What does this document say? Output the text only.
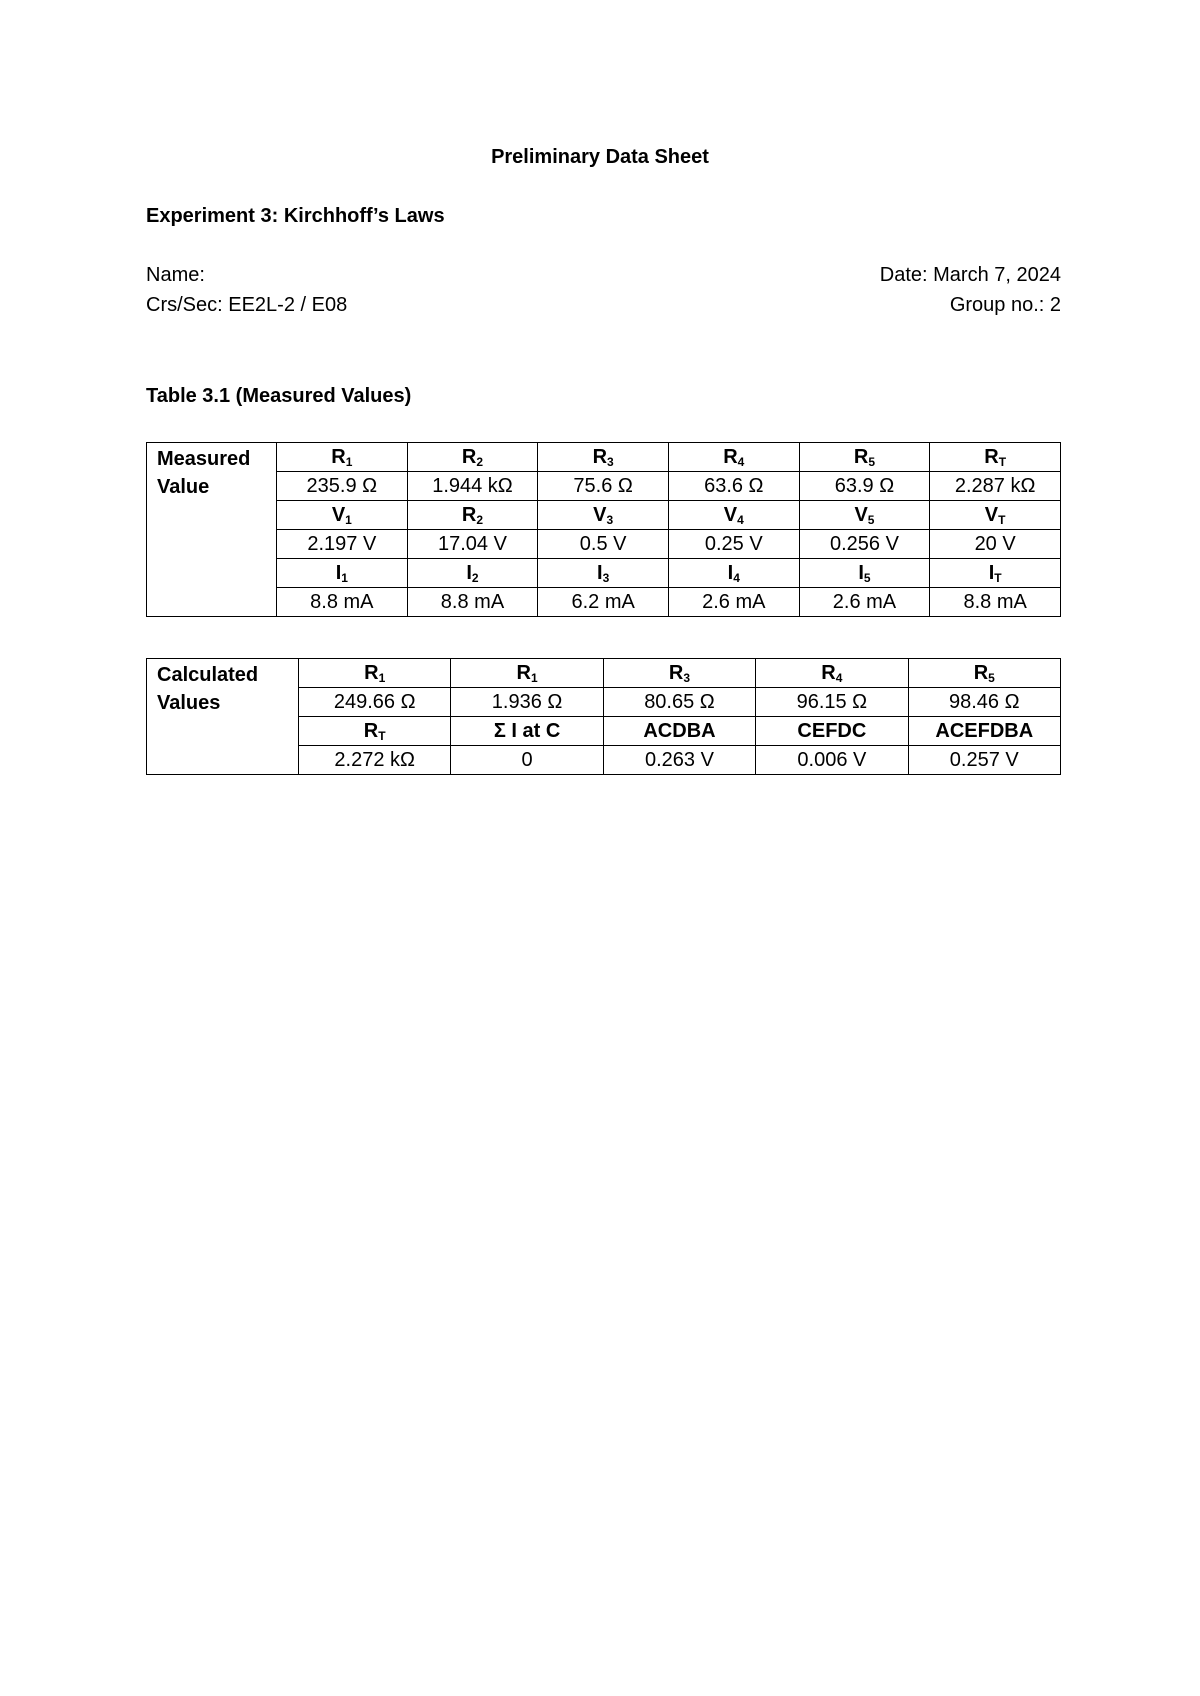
Preliminary Data Sheet
Experiment 3: Kirchhoff’s Laws
Name:	Date: March 7, 2024
Crs/Sec: EE2L-2 / E08	Group no.: 2
Table 3.1 (Measured Values)
Measured Value	$R_1$	$R_2$	$R_3$	$R_4$	$R_5$	$R_T$
	235.9 Ω	1.944 kΩ	75.6 Ω	63.6 Ω	63.9 Ω	2.287 kΩ
	$V_1$	$R_2$	$V_3$	$V_4$	$V_5$	$V_T$
	2.197 V	17.04 V	0.5 V	0.25 V	0.256 V	20 V
	$I_1$	$I_2$	$I_3$	$I_4$	$I_5$	$I_T$
	8.8 mA	8.8 mA	6.2 mA	2.6 mA	2.6 mA	8.8 mA
Calculated Values	$R_1$	$R_1$	$R_3$	$R_4$	$R_5$
	249.66 Ω	1.936 Ω	80.65 Ω	96.15 Ω	98.46 Ω
	$R_T$	Σ I at C	ACDBA	CEFDC	ACEFDBA
	2.272 kΩ	0	0.263 V	0.006 V	0.257 V
